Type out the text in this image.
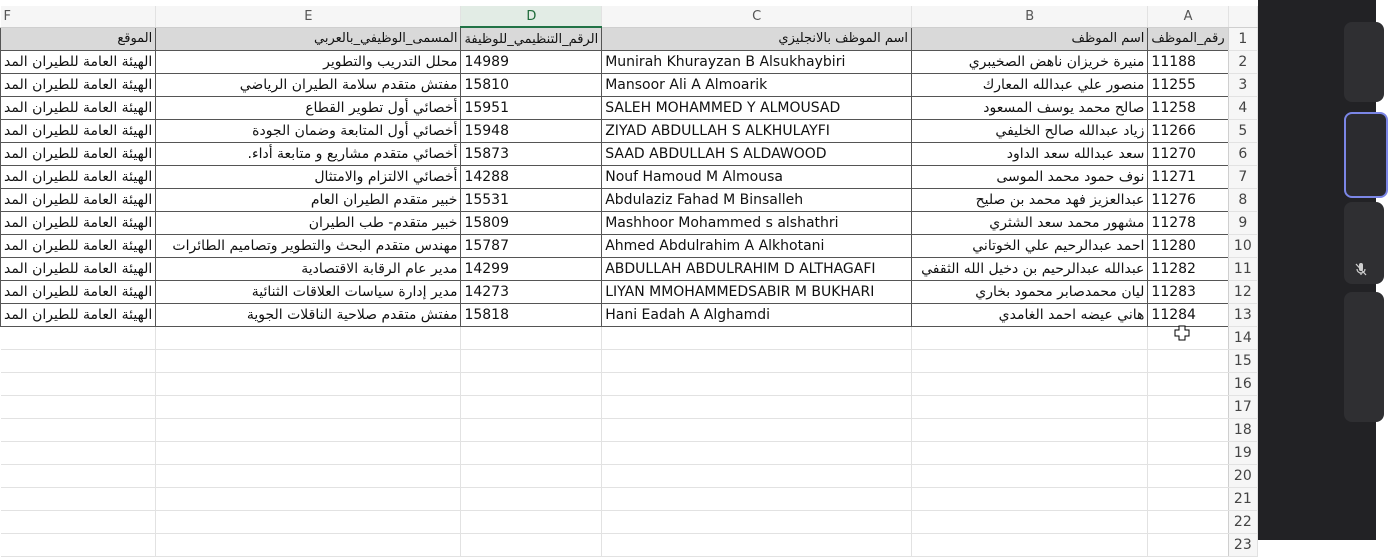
	A	B	C	D	E	F
1	رقم_الموظف	اسم الموظف	اسم الموظف بالانجليزي	الرقم_التنظيمي_للوظيفة	المسمى_الوظيفي_بالعربي	الموقع
2	11188	منيرة خريزان ناهض الصخيبري	Munirah Khurayzan B Alsukhaybiri	14989	محلل التدريب والتطوير	الهيئة العامة للطيران المد
3	11255	منصور علي عبدالله المعارك	Mansoor Ali A Almoarik	15810	مفتش متقدم سلامة الطيران الرياضي	الهيئة العامة للطيران المد
4	11258	صالح محمد يوسف المسعود	SALEH MOHAMMED Y ALMOUSAD	15951	أخصائي أول تطوير القطاع	الهيئة العامة للطيران المد
5	11266	زياد عبدالله صالح الخليفي	ZIYAD ABDULLAH S ALKHULAYFI	15948	أخصائي أول المتابعة وضمان الجودة	الهيئة العامة للطيران المد
6	11270	سعد عبدالله سعد الداود	SAAD ABDULLAH S ALDAWOOD	15873	أخصائي متقدم مشاريع و متابعة أداء.	الهيئة العامة للطيران المد
7	11271	نوف حمود محمد الموسى	Nouf Hamoud M Almousa	14288	أخصائي الالتزام والامتثال	الهيئة العامة للطيران المد
8	11276	عبدالعزيز فهد محمد بن صليح	Abdulaziz Fahad M Binsalleh	15531	خبير متقدم الطيران العام	الهيئة العامة للطيران المد
9	11278	مشهور محمد سعد الشثري	Mashhoor Mohammed s alshathri	15809	خبير متقدم- طب الطيران	الهيئة العامة للطيران المد
10	11280	احمد عبدالرحيم علي الخوتاني	Ahmed Abdulrahim A Alkhotani	15787	مهندس متقدم البحث والتطوير وتصاميم الطائرات	الهيئة العامة للطيران المد
11	11282	عبدالله عبدالرحيم بن دخيل الله الثقفي	ABDULLAH ABDULRAHIM D ALTHAGAFI	14299	مدير عام الرقابة الاقتصادية	الهيئة العامة للطيران المد
12	11283	ليان محمدصابر محمود بخاري	LIYAN MMOHAMMEDSABIR M BUKHARI	14273	مدير إدارة سياسات العلاقات الثنائية	الهيئة العامة للطيران المد
13	11284	هاني عيضه احمد الغامدي	Hani Eadah A Alghamdi	15818	مفتش متقدم صلاحية الناقلات الجوية	الهيئة العامة للطيران المد
14						
15						
16						
17						
18						
19						
20						
21						
22						
23						
